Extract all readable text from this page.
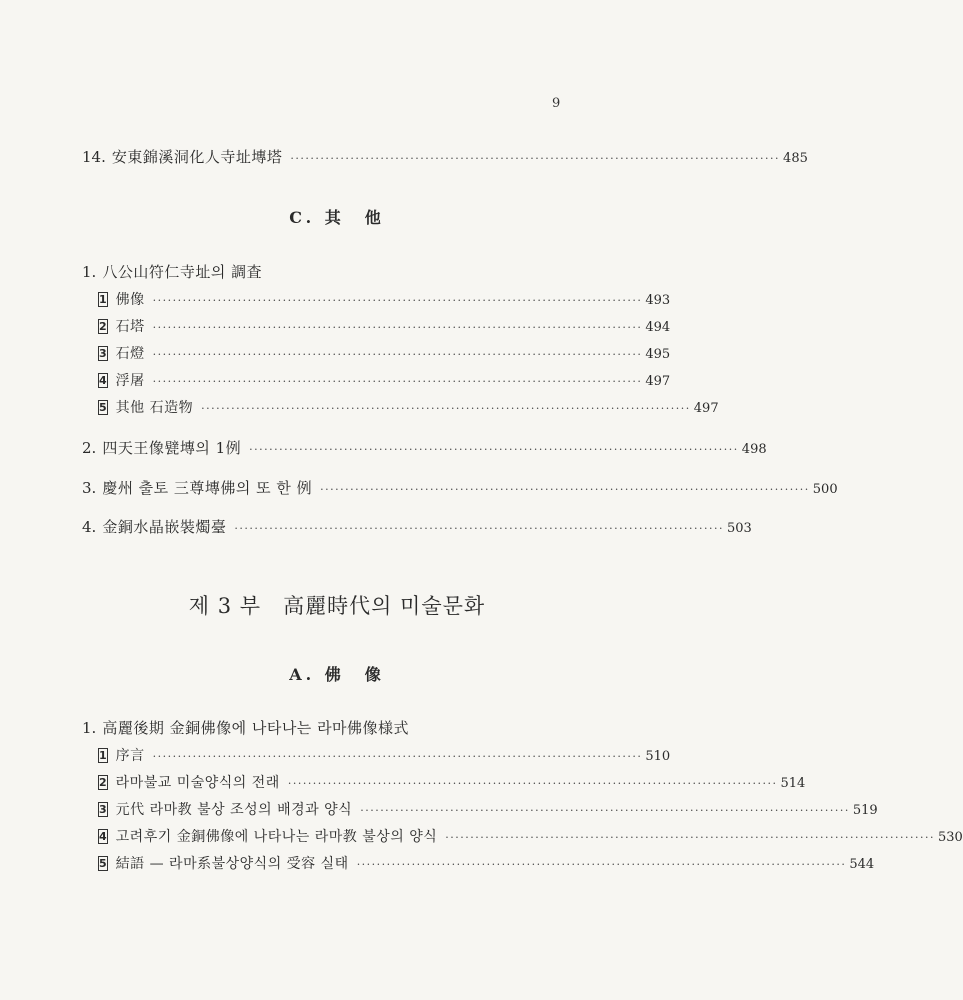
9
14. 安東錦溪洞化人寺址塼塔 ·································································································· 485
C. 其　他
1. 八公山符仁寺址의 調査
1 佛像 ·································································································· 493
2 石塔 ·································································································· 494
3 石燈 ·································································································· 495
4 浮屠 ·································································································· 497
5 其他 石造物 ·································································································· 497
2. 四天王像甓塼의 1例 ·································································································· 498
3. 慶州 출토 三尊塼佛의 또 한 例 ·································································································· 500
4. 金銅水晶嵌裝燭臺 ·································································································· 503
제 3 부　高麗時代의 미술문화
A. 佛　像
1. 高麗後期 金銅佛像에 나타나는 라마佛像様式
1 序言 ·································································································· 510
2 라마불교 미술양식의 전래 ·································································································· 514
3 元代 라마教 불상 조성의 배경과 양식 ·································································································· 519
4 고려후기 金銅佛像에 나타나는 라마教 불상의 양식 ·································································································· 530
5 結語 — 라마系불상양식의 受容 실태 ·································································································· 544
